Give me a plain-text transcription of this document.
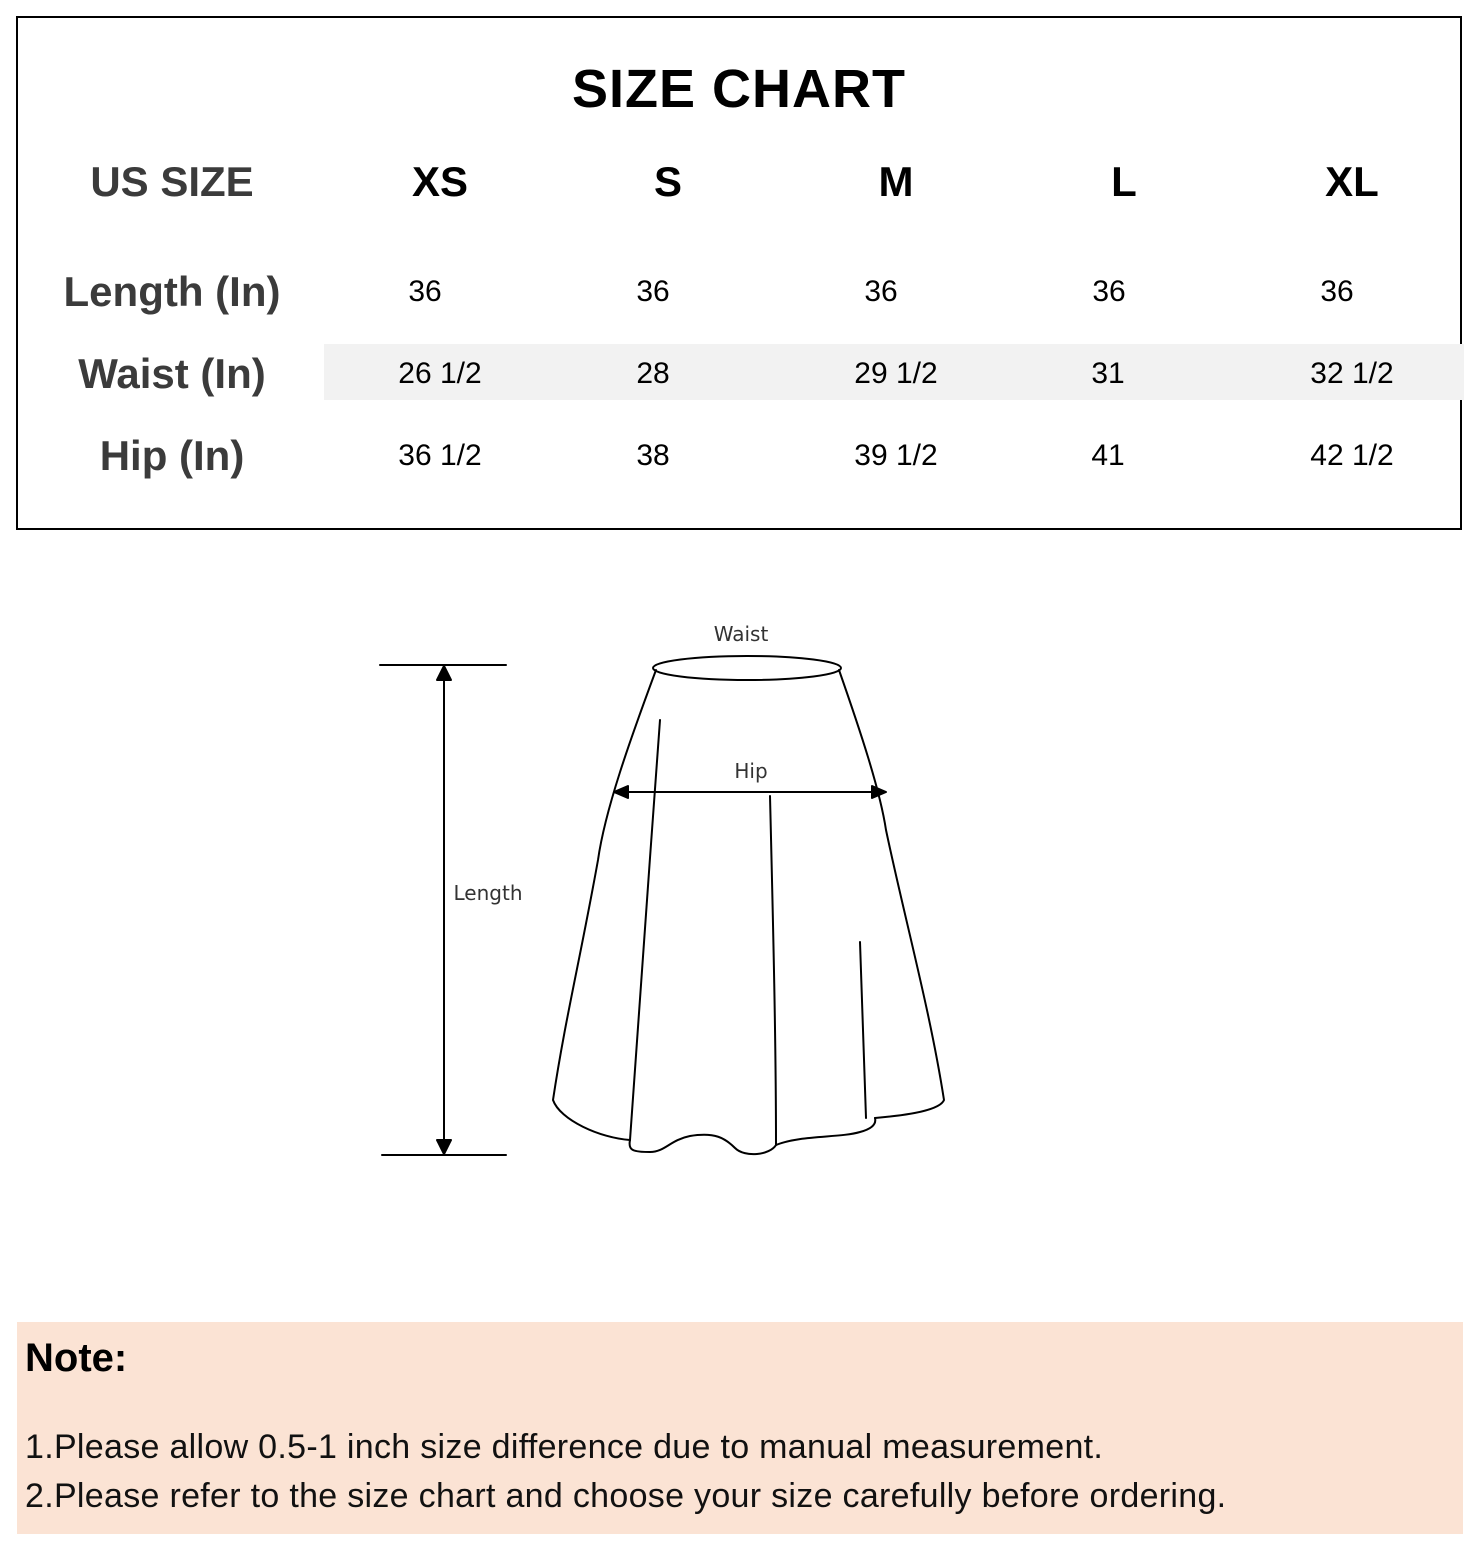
SIZE CHART
US SIZE	XS	S	M	L	XL
Length (In)	36	36	36	36	36
Waist (In)	26 1/2	28	29 1/2	31	32 1/2
Hip (In)	36 1/2	38	39 1/2	41	42 1/2
Waist
Hip
Length
Note:
1.Please allow 0.5-1 inch size difference due to manual measurement.
2.Please refer to the size chart and choose your size carefully before ordering.
